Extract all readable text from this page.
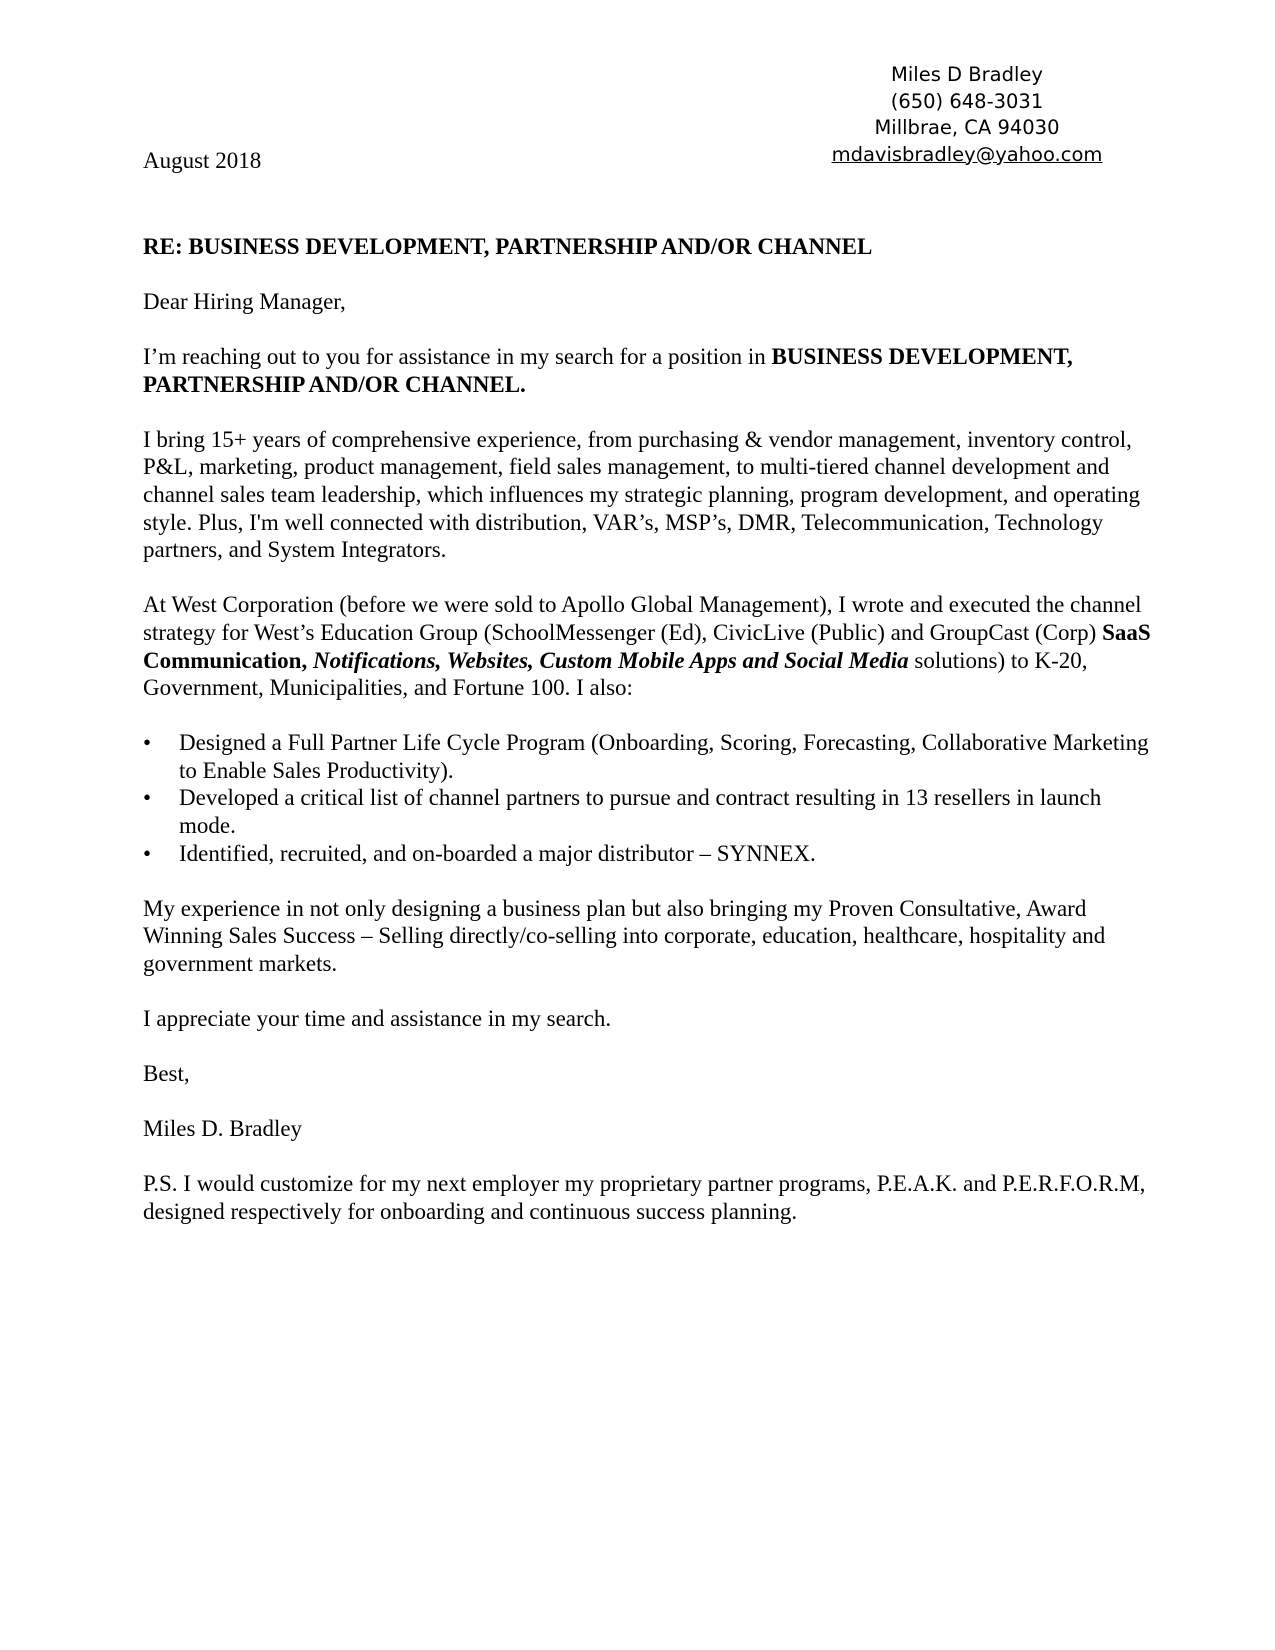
Miles D Bradley
(650) 648-3031
Millbrae, CA 94030
mdavisbradley@yahoo.com
August 2018

RE: BUSINESS DEVELOPMENT, PARTNERSHIP AND/OR CHANNEL

Dear Hiring Manager,

I’m reaching out to you for assistance in my search for a position in BUSINESS DEVELOPMENT, PARTNERSHIP AND/OR CHANNEL.

I bring 15+ years of comprehensive experience, from purchasing & vendor management, inventory control, P&L, marketing, product management, field sales management, to multi-tiered channel development and channel sales team leadership, which influences my strategic planning, program development, and operating style. Plus, I'm well connected with distribution, VAR’s, MSP’s, DMR, Telecommunication, Technology partners, and System Integrators.

At West Corporation (before we were sold to Apollo Global Management), I wrote and executed the channel strategy for West’s Education Group (SchoolMessenger (Ed), CivicLive (Public) and GroupCast (Corp) SaaS Communication, Notifications, Websites, Custom Mobile Apps and Social Media solutions) to K-20, Government, Municipalities, and Fortune 100. I also:

• Designed a Full Partner Life Cycle Program (Onboarding, Scoring, Forecasting, Collaborative Marketing to Enable Sales Productivity).
• Developed a critical list of channel partners to pursue and contract resulting in 13 resellers in launch mode.
• Identified, recruited, and on-boarded a major distributor – SYNNEX.

My experience in not only designing a business plan but also bringing my Proven Consultative, Award Winning Sales Success – Selling directly/co-selling into corporate, education, healthcare, hospitality and government markets.

I appreciate your time and assistance in my search.

Best,

Miles D. Bradley

P.S. I would customize for my next employer my proprietary partner programs, P.E.A.K. and P.E.R.F.O.R.M, designed respectively for onboarding and continuous success planning.
